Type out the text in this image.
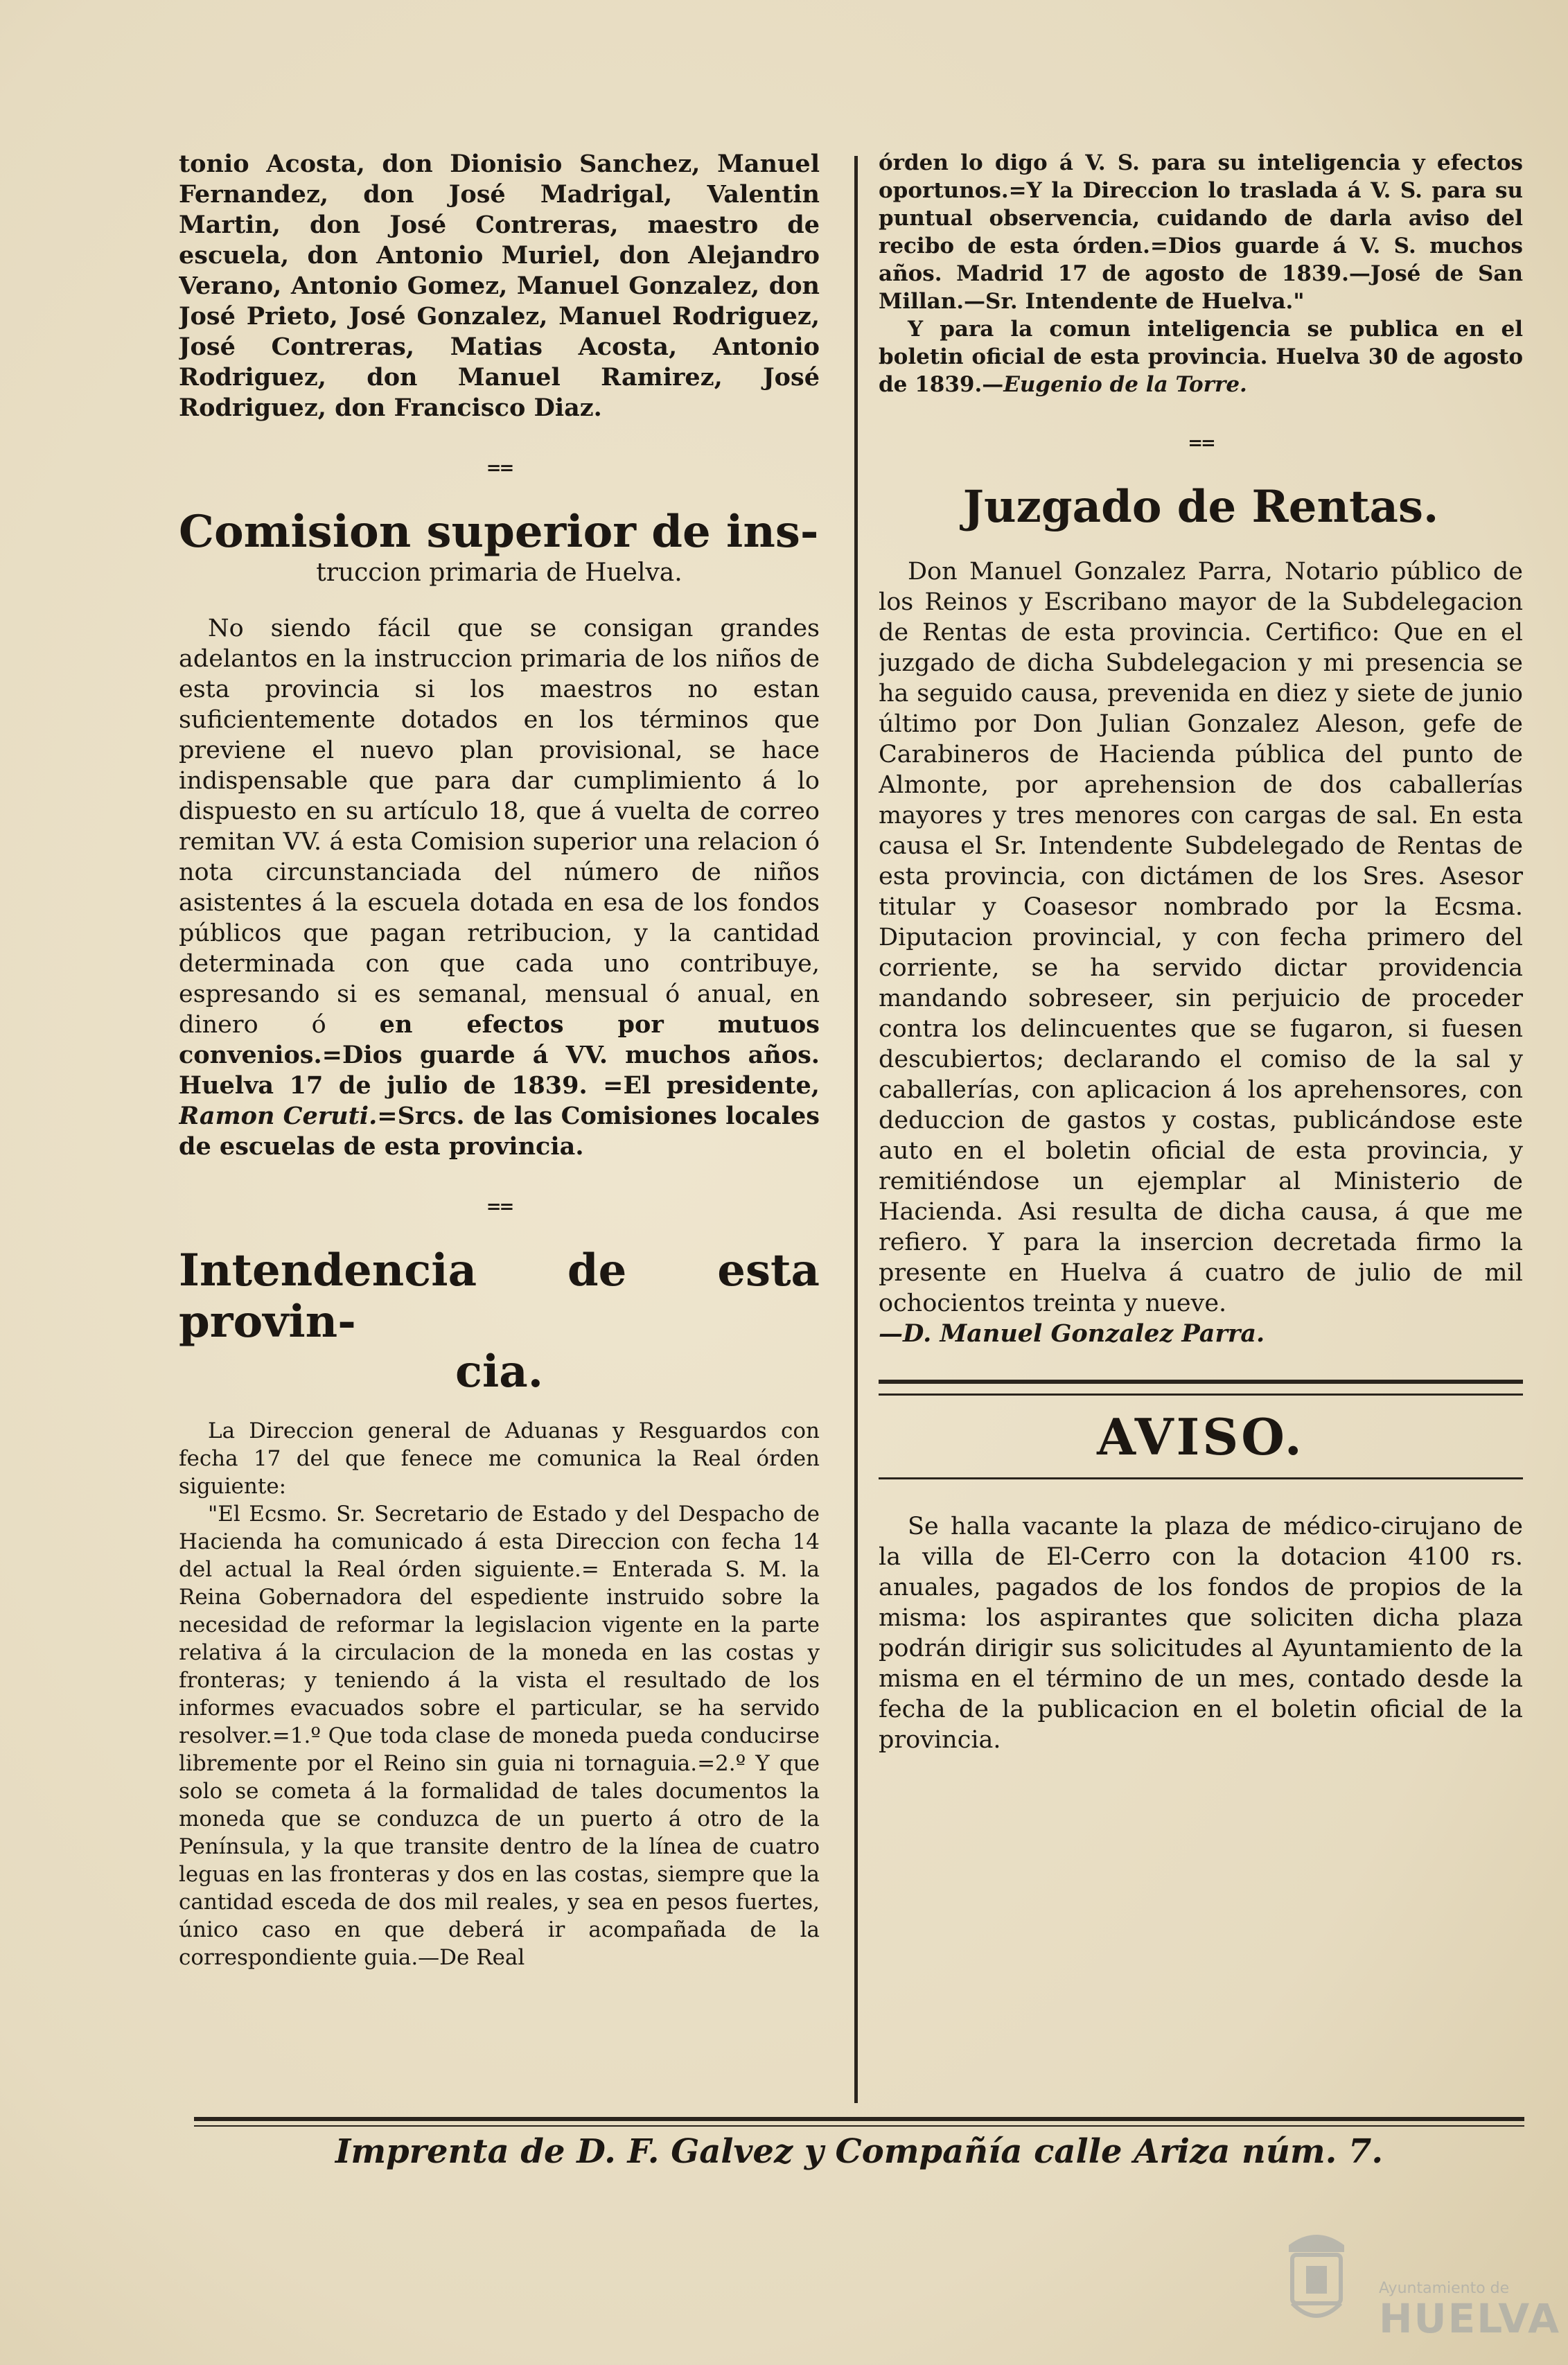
tonio Acosta, don Dionisio Sanchez, Manuel Fernandez, don José Madrigal, Valentin Martin, don José Contreras, maestro de escuela, don Antonio Muriel, don Alejandro Verano, Antonio Gomez, Manuel Gonzalez, don José Prieto, José Gonzalez, Manuel Rodriguez, José Contreras, Matias Acosta, Antonio Rodriguez, don Manuel Ramirez, José Rodriguez, don Francisco Diaz.

==
Comision superior de ins-
truccion primaria de Huelva.

No siendo fácil que se consigan grandes adelantos en la instruccion primaria de los niños de esta provincia si los maestros no estan suficientemente dotados en los términos que previene el nuevo plan provisional, se hace indispensable que para dar cumplimiento á lo dispuesto en su artículo 18, que á vuelta de correo remitan VV. á esta Comision superior una relacion ó nota circunstanciada del número de niños asistentes á la escuela dotada en esa de los fondos públicos que pagan retribucion, y la cantidad determinada con que cada uno contribuye, espresando si es semanal, mensual ó anual, en dinero ó en efectos por mutuos convenios.=Dios guarde á VV. muchos años. Huelva 17 de julio de 1839. =El presidente, Ramon Ceruti.=Srcs. de las Comisiones locales de escuelas de esta provincia.

==
Intendencia de esta provin-
cia.

La Direccion general de Aduanas y Resguardos con fecha 17 del que fenece me comunica la Real órden siguiente:

"El Ecsmo. Sr. Secretario de Estado y del Despacho de Hacienda ha comunicado á esta Direccion con fecha 14 del actual la Real órden siguiente.= Enterada S. M. la Reina Gobernadora del espediente instruido sobre la necesidad de reformar la legislacion vigente en la parte relativa á la circulacion de la moneda en las costas y fronteras; y teniendo á la vista el resultado de los informes evacuados sobre el particular, se ha servido resolver.=1.º Que toda clase de moneda pueda conducirse libremente por el Reino sin guia ni tornaguia.=2.º Y que solo se cometa á la formalidad de tales documentos la moneda que se conduzca de un puerto á otro de la Península, y la que transite dentro de la línea de cuatro leguas en las fronteras y dos en las costas, siempre que la cantidad esceda de dos mil reales, y sea en pesos fuertes, único caso en que deberá ir acompañada de la correspondiente guia.—De Real

órden lo digo á V. S. para su inteligencia y efectos oportunos.=Y la Direccion lo traslada á V. S. para su puntual observencia, cuidando de darla aviso del recibo de esta órden.=Dios guarde á V. S. muchos años. Madrid 17 de agosto de 1839.—José de San Millan.—Sr. Intendente de Huelva."

Y para la comun inteligencia se publica en el boletin oficial de esta provincia. Huelva 30 de agosto de 1839.—Eugenio de la Torre.

==
Juzgado de Rentas.

Don Manuel Gonzalez Parra, Notario público de los Reinos y Escribano mayor de la Subdelegacion de Rentas de esta provincia. Certifico: Que en el juzgado de dicha Subdelegacion y mi presencia se ha seguido causa, prevenida en diez y siete de junio último por Don Julian Gonzalez Aleson, gefe de Carabineros de Hacienda pública del punto de Almonte, por aprehension de dos caballerías mayores y tres menores con cargas de sal. En esta causa el Sr. Intendente Subdelegado de Rentas de esta provincia, con dictámen de los Sres. Asesor titular y Coasesor nombrado por la Ecsma. Diputacion provincial, y con fecha primero del corriente, se ha servido dictar providencia mandando sobreseer, sin perjuicio de proceder contra los delincuentes que se fugaron, si fuesen descubiertos; declarando el comiso de la sal y caballerías, con aplicacion á los aprehensores, con deduccion de gastos y costas, publicándose este auto en el boletin oficial de esta provincia, y remitiéndose un ejemplar al Ministerio de Hacienda. Asi resulta de dicha causa, á que me refiero. Y para la insercion decretada firmo la presente en Huelva á cuatro de julio de mil ochocientos treinta y nueve.

—D. Manuel Gonzalez Parra.

AVISO.

Se halla vacante la plaza de médico-cirujano de la villa de El-Cerro con la dotacion 4100 rs. anuales, pagados de los fondos de propios de la misma: los aspirantes que soliciten dicha plaza podrán dirigir sus solicitudes al Ayuntamiento de la misma en el término de un mes, contado desde la fecha de la publicacion en el boletin oficial de la provincia.

Imprenta de D. F. Galvez y Compañía calle Ariza núm. 7.
Ayuntamiento de
HUELVA
